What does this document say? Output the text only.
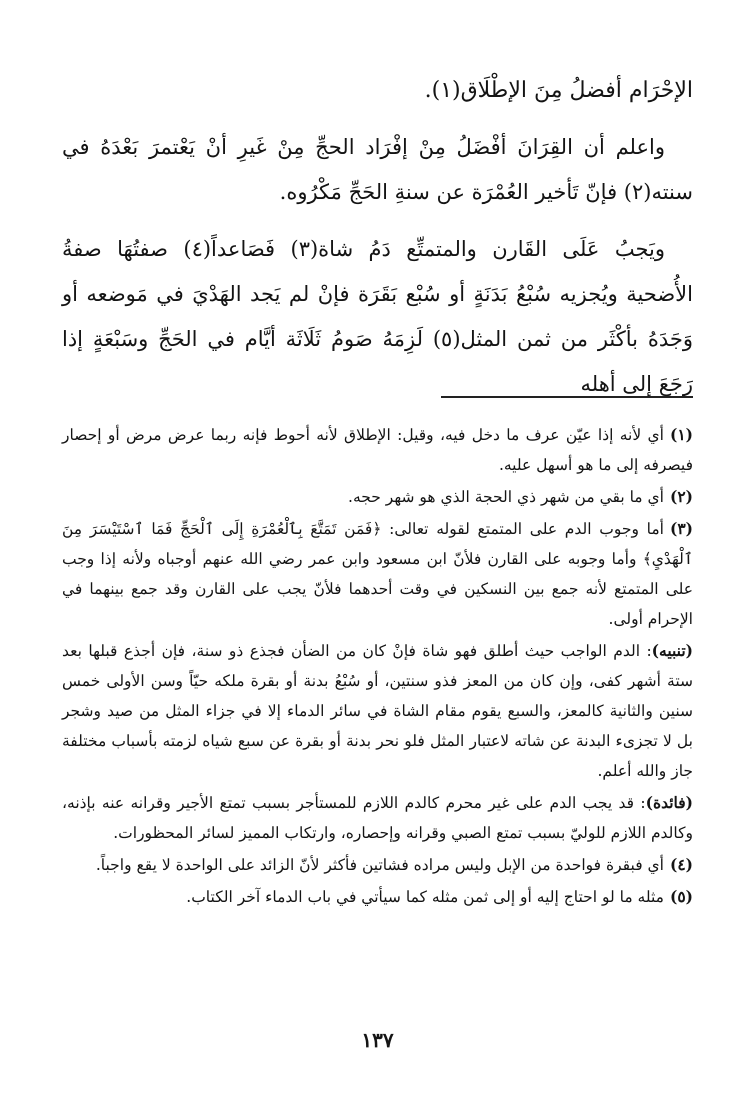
الإحْرَام أفضلُ مِنَ الإطْلَاق(١).

واعلم أن القِرَانَ أفْضَلُ مِنْ إفْرَاد الحجِّ مِنْ غَيرِ أنْ يَعْتمرَ بَعْدَهُ في سنته(٢) فإنّ تَأخير العُمْرَة عن سنةِ الحَجِّ مَكْرُوه.

ويَجبُ عَلَى القَارن والمتمتِّع دَمُ شاة(٣) فَصَاعداً(٤) صفتُهَا صفةُ الأُضحية ويُجزيه سُبْعُ بَدَنَةٍ أو سُبْع بَقَرَة فإنْ لم يَجد الهَدْيَ في مَوضعه أو وَجَدَهُ بأكْثَر من ثمن المثل(٥) لَزِمَهُ صَومُ ثَلَاثَة أيَّام في الحَجِّ وسَبْعَةٍ إذا رَجَعَ إلى أهله

(١)أي لأنه إذا عيّن عرف ما دخل فيه، وقيل: الإطلاق لأنه أحوط فإنه ربما عرض مرض أو إحصار فيصرفه إلى ما هو أسهل عليه.

(٢)أي ما بقي من شهر ذي الحجة الذي هو شهر حجه.

(٣)أما وجوب الدم على المتمتع لقوله تعالى: ﴿فَمَن تَمَتَّعَ بِٱلْعُمْرَةِ إِلَى ٱلْحَجِّ فَمَا ٱسْتَيْسَرَ مِنَ ٱلْهَدْيِ﴾ وأما وجوبه على القارن فلأنّ ابن مسعود وابن عمر رضي الله عنهم أوجباه ولأنه إذا وجب على المتمتع لأنه جمع بين النسكين في وقت أحدهما فلأنّ يجب على القارن وقد جمع بينهما في الإحرام أولى.

(تنبيه): الدم الواجب حيث أطلق فهو شاة فإنْ كان من الضأن فجذع ذو سنة، فإن أجذع قبلها بعد ستة أشهر كفى، وإن كان من المعز فذو سنتين، أو سُبْعُ بدنة أو بقرة ملكه حيّاً وسن الأولى خمس سنين والثانية كالمعز، والسبع يقوم مقام الشاة في سائر الدماء إلا في جزاء المثل من صيد وشجر بل لا تجزىء البدنة عن شاته لاعتبار المثل فلو نحر بدنة أو بقرة عن سبع شياه لزمته بأسباب مختلفة جاز والله أعلم.

(فائدة): قد يجب الدم على غير محرم كالدم اللازم للمستأجر بسبب تمتع الأجير وقرانه عنه بإذنه، وكالدم اللازم للوليّ بسبب تمتع الصبي وقرانه وإحصاره، وارتكاب المميز لسائر المحظورات.

(٤)أي فبقرة فواحدة من الإبل وليس مراده فشاتين فأكثر لأنّ الزائد على الواحدة لا يقع واجباً.

(٥)مثله ما لو احتاج إليه أو إلى ثمن مثله كما سيأتي في باب الدماء آخر الكتاب.

١٣٧
